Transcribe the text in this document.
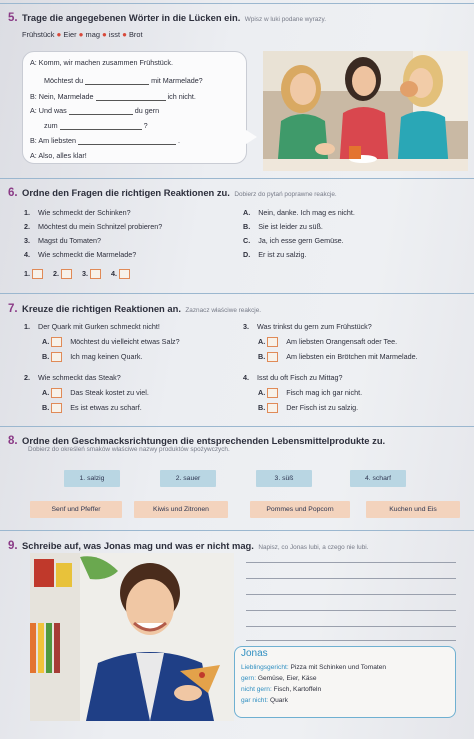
5. Trage die angegebenen Wörter in die Lücken ein. Wpisz w luki podane wyrazy.
Frühstück ● Eier ● mag ● isst ● Brot
A: Komm, wir machen zusammen Frühstück.
Möchtest du	mit Marmelade?
B: Nein, Marmelade	ich nicht.
A: Und was	du gern
zum	?
B: Am liebsten	.
A: Also, alles klar!
6. Ordne den Fragen die richtigen Reaktionen zu. Dobierz do pytań poprawne reakcje.
1. Wie schmeckt der Schinken?
2. Möchtest du mein Schnitzel probieren?
3. Magst du Tomaten?
4. Wie schmeckt die Marmelade?
A. Nein, danke. Ich mag es nicht.
B. Sie ist leider zu süß.
C. Ja, ich esse gern Gemüse.
D. Er ist zu salzig.
1.	2.	3.	4.
7. Kreuze die richtigen Reaktionen an. Zaznacz właściwe reakcje.
1. Der Quark mit Gurken schmeckt nicht!
A.	Möchtest du vielleicht etwas Salz?
B.	Ich mag keinen Quark.
2. Wie schmeckt das Steak?
A.	Das Steak kostet zu viel.
B.	Es ist etwas zu scharf.
3. Was trinkst du gern zum Frühstück?
A.	Am liebsten Orangensaft oder Tee.
B.	Am liebsten ein Brötchen mit Marmelade.
4. Isst du oft Fisch zu Mittag?
A.	Fisch mag ich gar nicht.
B.	Der Fisch ist zu salzig.
8. Ordne den Geschmacksrichtungen die entsprechenden Lebensmittelprodukte zu.
Dobierz do określeń smaków właściwe nazwy produktów spożywczych.
1. salzig	2. sauer	3. süß	4. scharf
Senf und Pfeffer	Kiwis und Zitronen	Pommes und Popcorn	Kuchen und Eis
9. Schreibe auf, was Jonas mag und was er nicht mag. Napisz, co Jonas lubi, a czego nie lubi.
Jonas
Lieblingsgericht: Pizza mit Schinken und Tomaten
gern: Gemüse, Eier, Käse
nicht gern: Fisch, Kartoffeln
gar nicht: Quark
